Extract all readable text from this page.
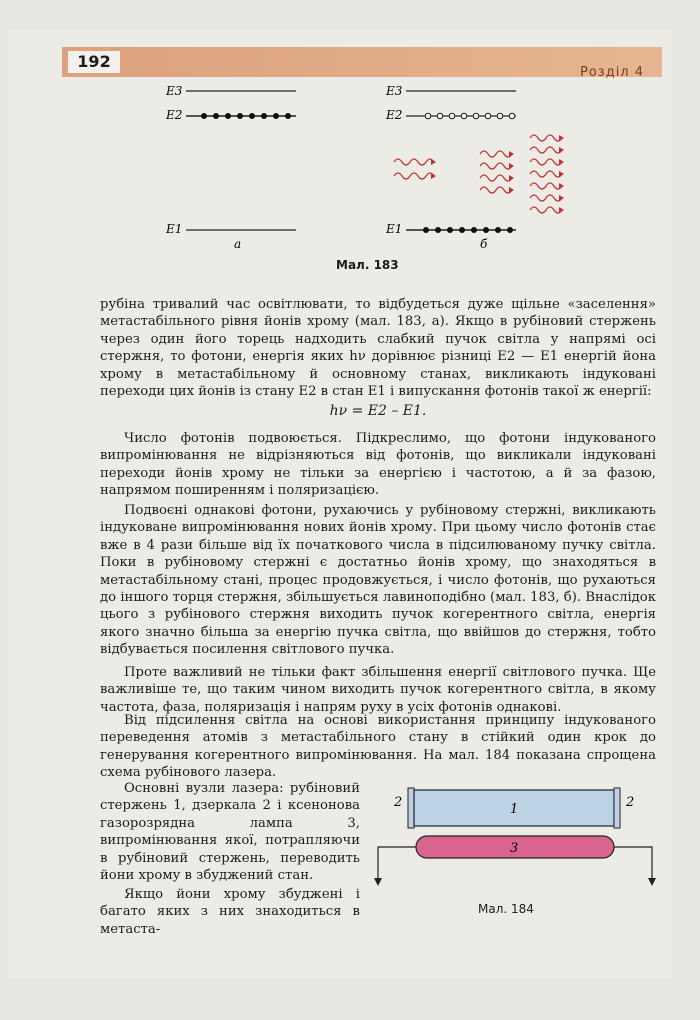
192
Розділ 4
E3
E2
E1
а
E3
E2
E1
б
Мал. 183

рубіна тривалий час освітлювати, то відбудеться дуже щільне «заселення» метастабільного рівня йонів хрому (мал. 183, а). Якщо в рубіновий стержень через один його торець надходить слабкий пучок світла у напрямі осі стержня, то фотони, енергія яких hν дорівнює різниці E2 — E1 енергій йона хрому в метастабільному й основному станах, викликають індуковані переходи цих йонів із стану E2 в стан E1 і випускання фотонів такої ж енергії:

hν = E2 – E1.

Число фотонів подвоюється. Підкреслимо, що фотони індукованого випромінювання не відрізняються від фотонів, що викликали індуковані переходи йонів хрому не тільки за енергією і частотою, а й за фазою, напрямом поширенням і поляризацією.

Подвоєні однакові фотони, рухаючись у рубіновому стержні, викликають індуковане випромінювання нових йонів хрому. При цьому число фотонів стає вже в 4 рази більше від їх початкового числа в підсилюваному пучку світла. Поки в рубіновому стержні є достатньо йонів хрому, що знаходяться в метастабільному стані, процес продовжується, і число фотонів, що рухаються до іншого торця стержня, збільшується лавиноподібно (мал. 183, б). Внаслідок цього з рубінового стержня виходить пучок когерентного світла, енергія якого значно більша за енергію пучка світла, що ввійшов до стержня, тобто відбувається посилення світлового пучка.

Проте важливий не тільки факт збільшення енергії світлового пучка. Ще важливіше те, що таким чином виходить пучок когерентного світла, в якому частота, фаза, поляризація і напрям руху в усіх фотонів однакові.

Від підсилення світла на основі використання принципу індукованого переведення атомів з метастабільного стану в стійкий один крок до генерування когерентного випромінювання. На мал. 184 показана спрощена схема рубінового лазера.

Основні вузли лазера: рубіновий стержень 1, дзеркала 2 і ксенонова газорозрядна лампа 3, випромінювання якої, потрапляючи в рубіновий стержень, переводить йони хрому в збуджений стан.

Якщо йони хрому збуджені і багато яких з них знаходиться в метаста-

1
2	2
3
Мал. 184
